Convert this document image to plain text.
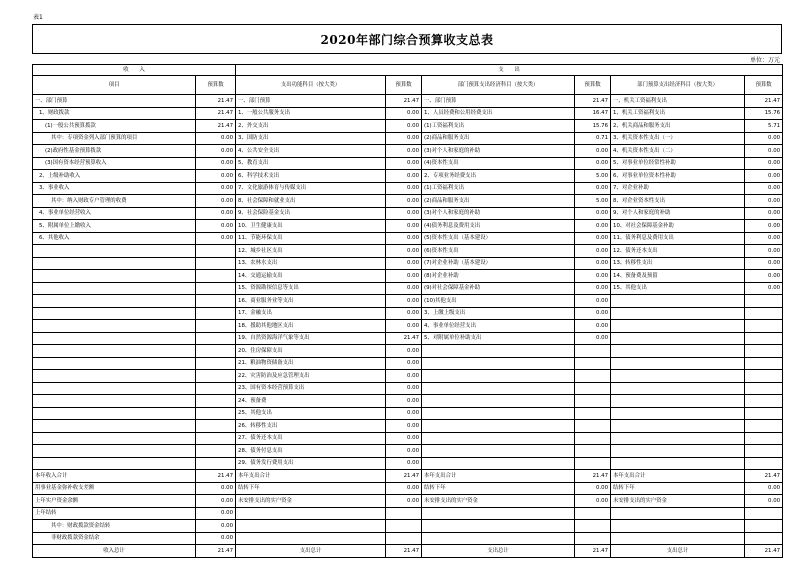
表1
2020年部门综合预算收支总表
单位：万元
收　　入		支　　出					
项目	预算数	支出功能科目（按大类）	预算数	部门预算支出经济科目（按大类）	预算数	部门预算支出经济科目（按大类）	预算数
一、部门预算	21.47	一、部门预算	21.47	一、部门预算	21.47	一、机关工资福利支出	21.47
1、财政拨款	21.47	1、一般公共服务支出	0.00	1、人员经费和公用经费支出	16.47	1、机关工资福利支出	15.76
(1)一般公共预算拨款	21.47	2、外交支出	0.00	(1)工资福利支出	15.76	2、机关商品和服务支出	5.71
其中：专项资金列入部门预算的项目	0.00	3、国防支出	0.00	(2)商品和服务支出	0.71	3、机关资本性支出（一）	0.00
(2)政府性基金预算拨款	0.00	4、公共安全支出	0.00	(3)对个人和家庭的补助	0.00	4、机关资本性支出（二）	0.00
(3)国有资本经营预算收入	0.00	5、教育支出	0.00	(4)资本性支出	0.00	5、对事业单位经常性补助	0.00
2、上级补助收入	0.00	6、科学技术支出	0.00	2、专项业务经费支出	5.00	6、对事业单位资本性补助	0.00
3、事业收入	0.00	7、文化旅游体育与传媒支出	0.00	(1)工资福利支出	0.00	7、对企业补助	0.00
其中：纳入财政专户管理的收费	0.00	8、社会保障和就业支出	0.00	(2)商品和服务支出	5.00	8、对企业资本性支出	0.00
4、事业单位经营收入	0.00	9、社会保险基金支出	0.00	(3)对个人和家庭的补助	0.00	9、对个人和家庭的补助	0.00
5、附属单位上缴收入	0.00	10、卫生健康支出	0.00	(4)债务利息及费用支出	0.00	10、对社会保障基金补助	0.00
6、其他收入	0.00	11、节能环保支出	0.00	(5)资本性支出（基本建设）	0.00	11、债务利息及费用支出	0.00
		12、城乡社区支出	0.00	(6)资本性支出	0.00	12、债务还本支出	0.00
		13、农林水支出	0.00	(7)对企业补助（基本建设）	0.00	13、转移性支出	0.00
		14、交通运输支出	0.00	(8)对企业补助	0.00	14、预备费及预留	0.00
		15、资源勘探信息等支出	0.00	(9)对社会保障基金补助	0.00	15、其他支出	0.00
		16、商业服务业等支出	0.00	(10)其他支出	0.00		
		17、金融支出	0.00	3、上缴上级支出	0.00		
		18、援助其他地区支出	0.00	4、事业单位经营支出	0.00		
		19、自然资源海洋气象等支出	21.47	5、对附属单位补助支出	0.00		
		20、住房保障支出	0.00				
		21、粮油物资储备支出	0.00				
		22、灾害防治及应急管理支出	0.00				
		23、国有资本经营预算支出	0.00				
		24、预备费	0.00				
		25、其他支出	0.00				
		26、转移性支出	0.00				
		27、债务还本支出	0.00				
		28、债务付息支出	0.00				
		29、债务发行费用支出	0.00				
本年收入合计	21.47	本年支出合计	21.47	本年支出合计	21.47	本年支出合计	21.47
用事业基金弥补收支差额	0.00	结转下年	0.00	结转下年	0.00	结转下年	0.00
上年实户资金余额	0.00	未安排支出的实户资金	0.00	未安排支出的实户资金	0.00	未安排支出的实户资金	0.00
上年结转	0.00						
其中：财政拨款资金结转	0.00						
非财政拨款资金结余	0.00						
收入总计	21.47	支出总计	21.47	支出总计	21.47	支出总计	21.47
